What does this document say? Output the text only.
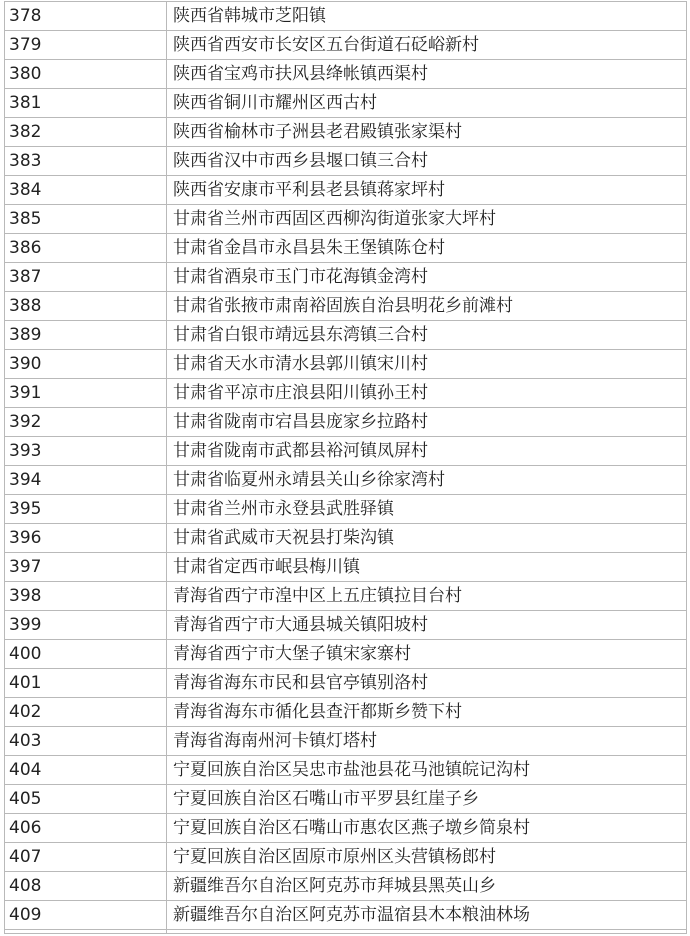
378	陕西省韩城市芝阳镇
379	陕西省西安市长安区五台街道石砭峪新村
380	陕西省宝鸡市扶风县绛帐镇西渠村
381	陕西省铜川市耀州区西古村
382	陕西省榆林市子洲县老君殿镇张家渠村
383	陕西省汉中市西乡县堰口镇三合村
384	陕西省安康市平利县老县镇蒋家坪村
385	甘肃省兰州市西固区西柳沟街道张家大坪村
386	甘肃省金昌市永昌县朱王堡镇陈仓村
387	甘肃省酒泉市玉门市花海镇金湾村
388	甘肃省张掖市肃南裕固族自治县明花乡前滩村
389	甘肃省白银市靖远县东湾镇三合村
390	甘肃省天水市清水县郭川镇宋川村
391	甘肃省平凉市庄浪县阳川镇孙王村
392	甘肃省陇南市宕昌县庞家乡拉路村
393	甘肃省陇南市武都县裕河镇凤屏村
394	甘肃省临夏州永靖县关山乡徐家湾村
395	甘肃省兰州市永登县武胜驿镇
396	甘肃省武威市天祝县打柴沟镇
397	甘肃省定西市岷县梅川镇
398	青海省西宁市湟中区上五庄镇拉目台村
399	青海省西宁市大通县城关镇阳坡村
400	青海省西宁市大堡子镇宋家寨村
401	青海省海东市民和县官亭镇别洛村
402	青海省海东市循化县查汗都斯乡赞下村
403	青海省海南州河卡镇灯塔村
404	宁夏回族自治区吴忠市盐池县花马池镇皖记沟村
405	宁夏回族自治区石嘴山市平罗县红崖子乡
406	宁夏回族自治区石嘴山市惠农区燕子墩乡简泉村
407	宁夏回族自治区固原市原州区头营镇杨郎村
408	新疆维吾尔自治区阿克苏市拜城县黑英山乡
409	新疆维吾尔自治区阿克苏市温宿县木本粮油林场
